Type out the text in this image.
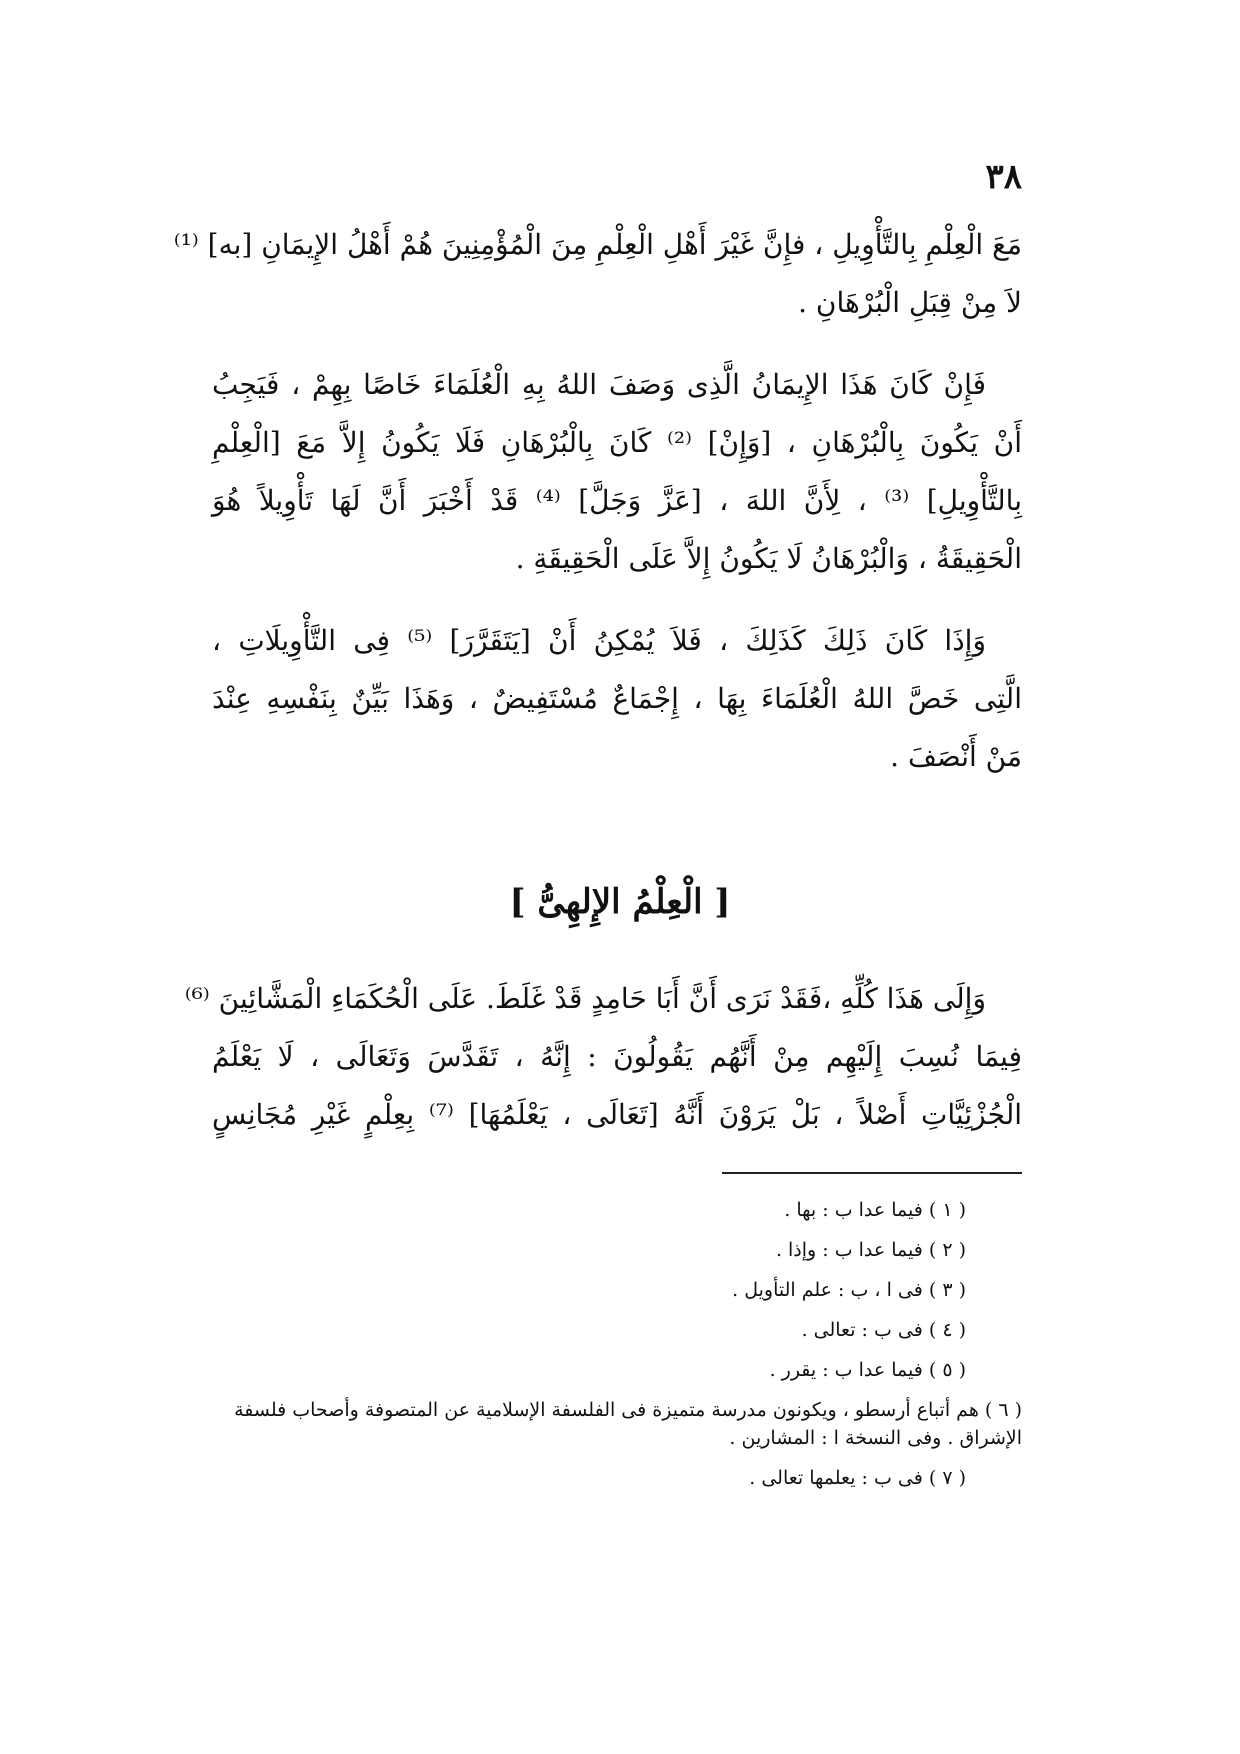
٣٨
مَعَ الْعِلْمِ بِالتَّأْوِيلِ ، فإِنَّ غَيْرَ أَهْلِ الْعِلْمِ مِنَ الْمُؤْمِنِينَ هُمْ أَهْلُ الإِيمَانِ [به] ⁽¹⁾
لاَ مِنْ قِبَلِ الْبُرْهَانِ .
فَإِنْ كَانَ هَذَا الإِيمَانُ الَّذِى وَصَفَ اللهُ بِهِ الْعُلَمَاءَ خَاصًا بِهِمْ ، فَيَجِبُ
أَنْ يَكُونَ بِالْبُرْهَانِ ، [وَإِنْ] ⁽²⁾ كَانَ بِالْبُرْهَانِ فَلَا يَكُونُ إِلاَّ مَعَ [الْعِلْمِ
بِالتَّأْوِيلِ] ⁽³⁾ ، لِأَنَّ اللهَ ، [عَزَّ وَجَلَّ] ⁽⁴⁾ قَدْ أَخْبَرَ أَنَّ لَهَا تَأْوِيلاً هُوَ
الْحَقِيقَةُ ، وَالْبُرْهَانُ لَا يَكُونُ إِلاَّ عَلَى الْحَقِيقَةِ .
وَإِذَا كَانَ ذَلِكَ كَذَلِكَ ، فَلاَ يُمْكِنُ أَنْ [يَتَقَرَّرَ] ⁽⁵⁾ فِى التَّأْوِيلَاتِ ،
الَّتِى خَصَّ اللهُ الْعُلَمَاءَ بِهَا ، إِجْمَاعٌ مُسْتَفِيضٌ ، وَهَذَا بَيِّنٌ بِنَفْسِهِ عِنْدَ
مَنْ أَنْصَفَ .
[ الْعِلْمُ الإِلهِىُّ ]
وَإِلَى هَذَا كُلِّهِ ،فَقَدْ نَرَى أَنَّ أَبَا حَامِدٍ قَدْ غَلَطَ. عَلَى الْحُكَمَاءِ الْمَشَّائِينَ ⁽⁶⁾
فِيمَا نُسِبَ إِلَيْهِم مِنْ أَنَّهُم يَقُولُونَ : إِنَّهُ ، تَقَدَّسَ وَتَعَالَى ، لَا يَعْلَمُ
الْجُزْئِيَّاتِ أَصْلاً ، بَلْ يَرَوْنَ أَنَّهُ [تَعَالَى ، يَعْلَمُهَا] ⁽⁷⁾ بِعِلْمٍ غَيْرِ مُجَانِسٍ
( ١ ) فيما عدا ب : بها .
( ٢ ) فيما عدا ب : وإذا .
( ٣ ) فى ا ، ب : علم التأويل .
( ٤ ) فى ب : تعالى .
( ٥ ) فيما عدا ب : يقرر .
( ٦ ) هم أتباع أرسطو ، ويكونون مدرسة متميزة فى الفلسفة الإسلامية عن المتصوفة وأصحاب فلسفة الإشراق . وفى النسخة ا : المشارين .
( ٧ ) فى ب : يعلمها تعالى .
